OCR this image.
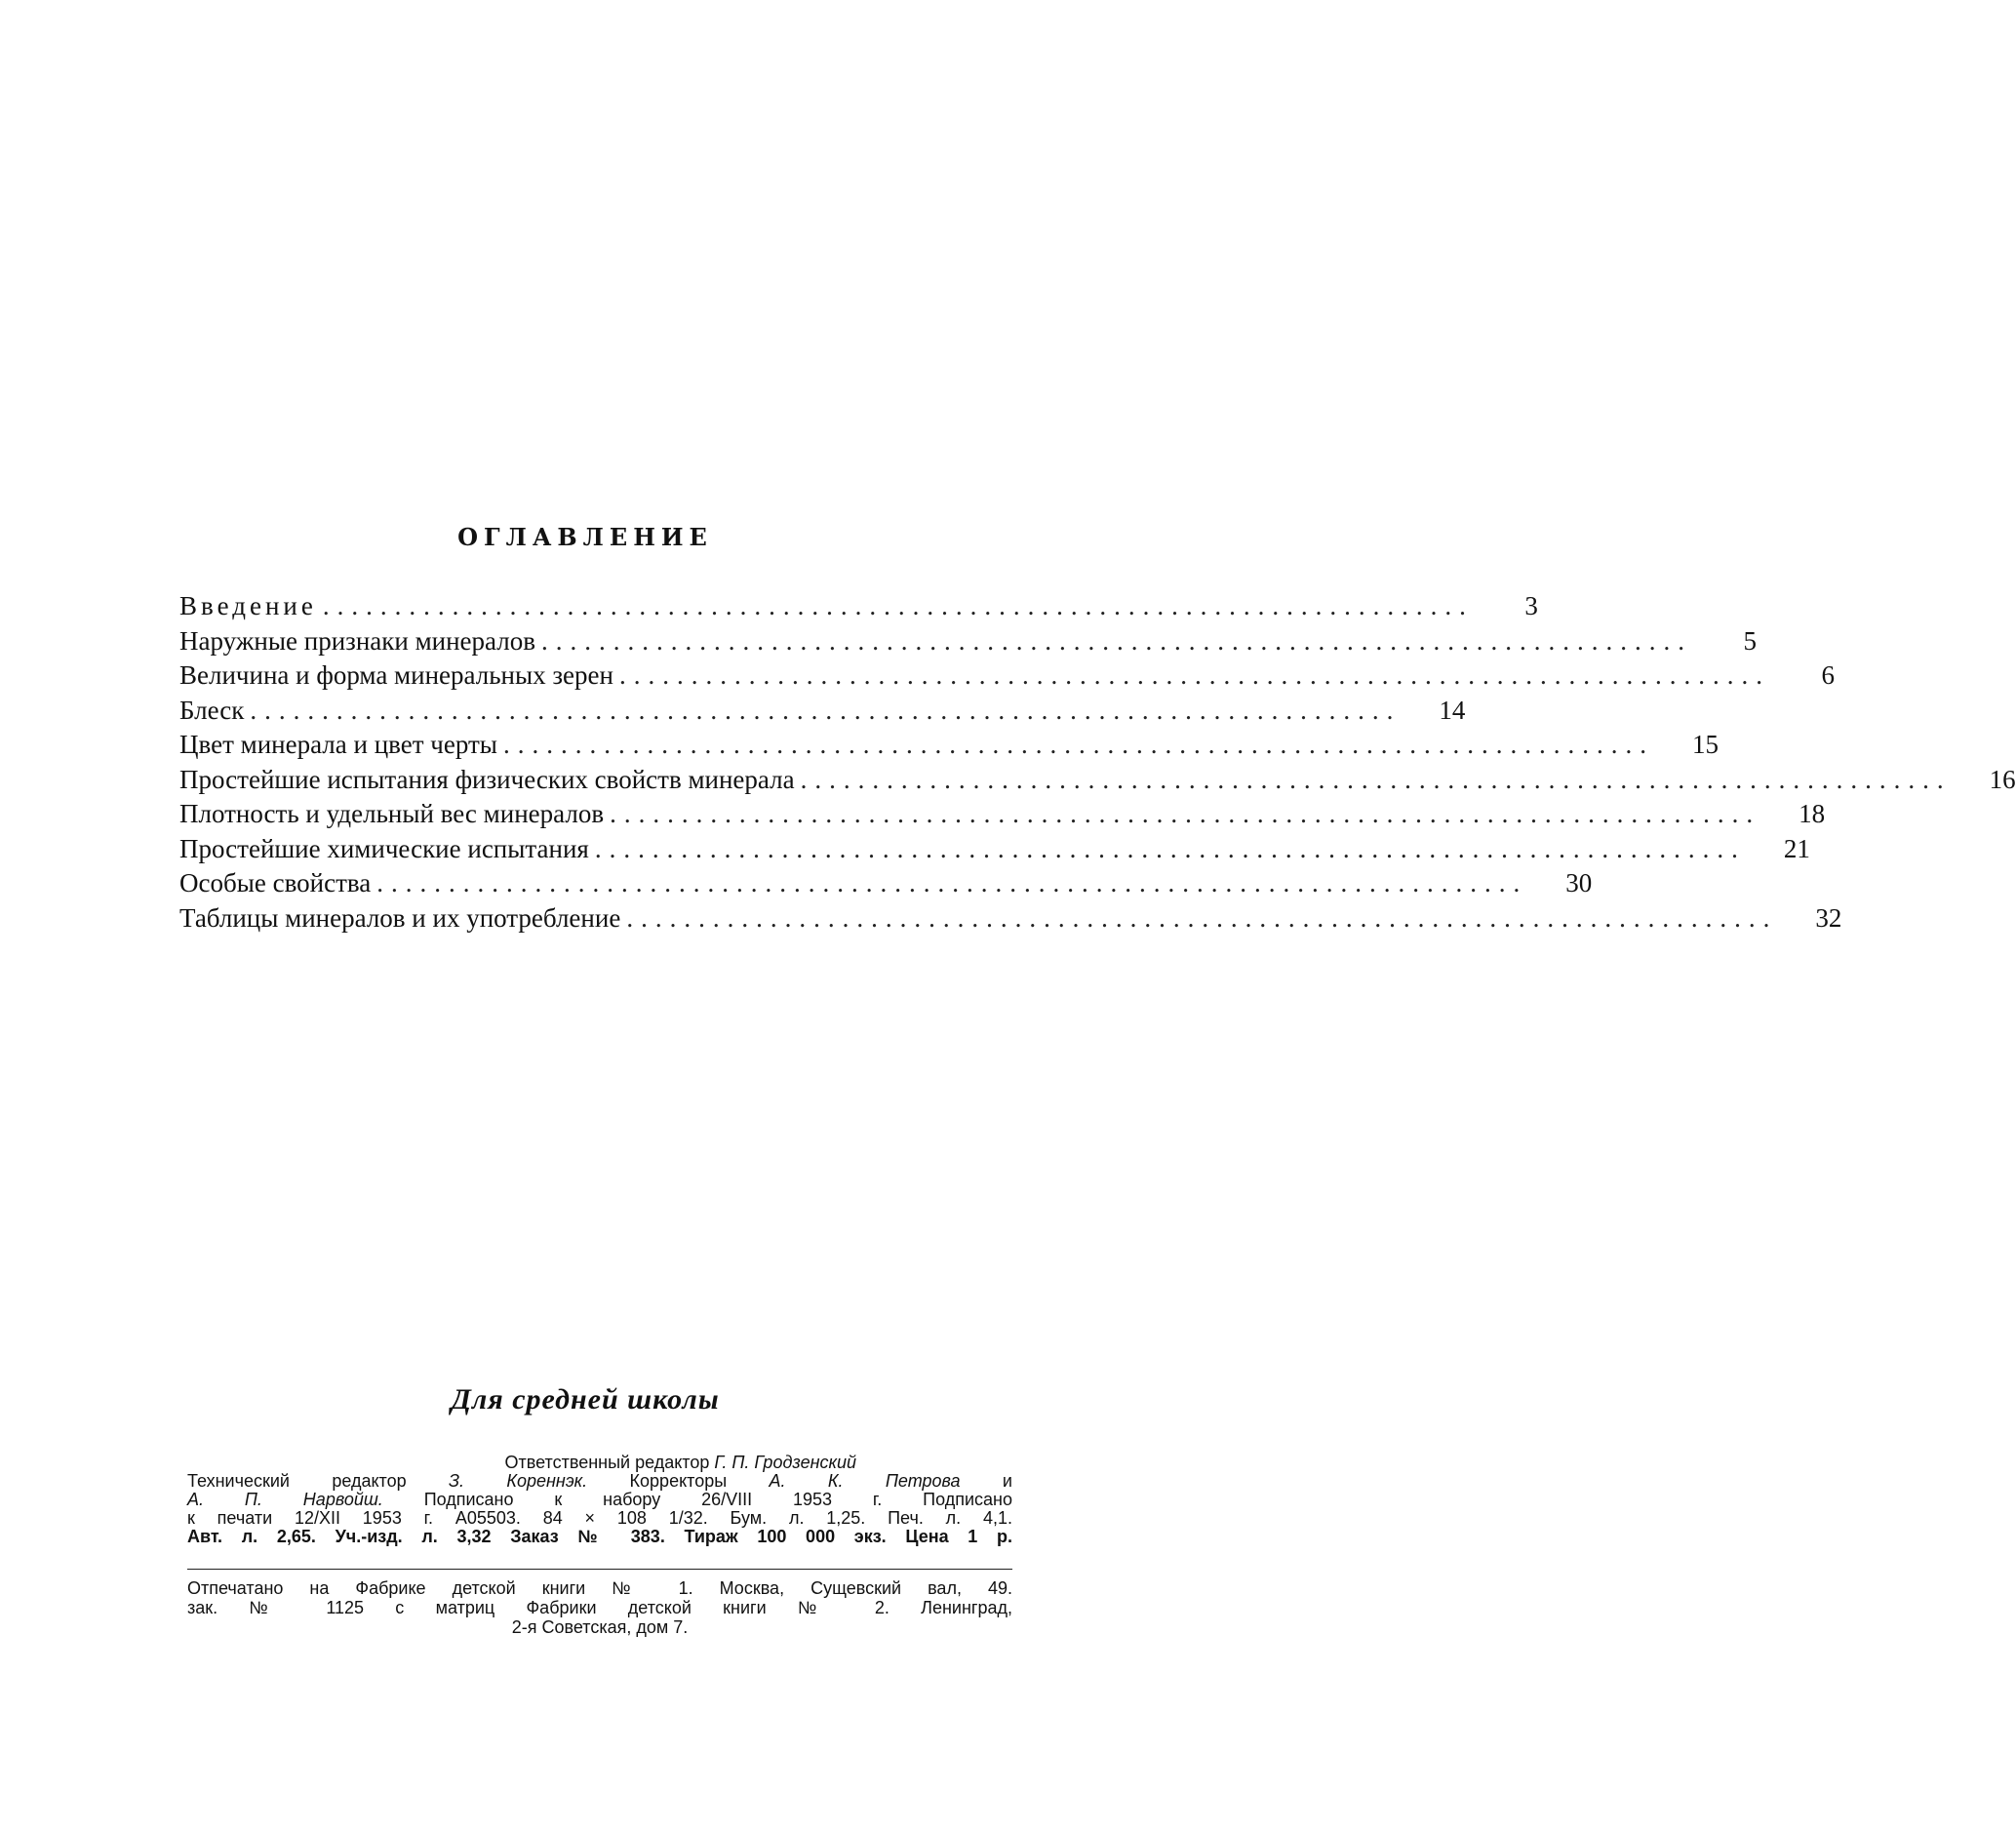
ОГЛАВЛЕНИЕ
Введение ................................................................................	3
Наружные признаки минералов ................................................................................	5
Величина и форма минеральных зерен ................................................................................	6
Блеск ................................................................................	14
Цвет минерала и цвет черты ................................................................................	15
Простейшие испытания физических свойств минерала ................................................................................	16
Плотность и удельный вес минералов ................................................................................	18
Простейшие химические испытания ................................................................................	21
Особые свойства ................................................................................	30
Таблицы минералов и их употребление ................................................................................	32
Для средней школы
Ответственный редактор Г. П. Гродзенский
Технический редактор З. Кореннэк. Корректоры А. К. Петрова и
А. П. Нарвойш. Подписано к набору 26/VIII 1953 г. Подписано
к печати 12/XII 1953 г. А05503. 84 × 108 1/32. Бум. л. 1,25. Печ. л. 4,1.
Авт. л. 2,65. Уч.-изд. л. 3,32 Заказ № 383. Тираж 100 000 экз. Цена 1 р.
Отпечатано на Фабрике детской книги № 1. Москва, Сущевский вал, 49.
зак. № 1125 с матриц Фабрики детской книги № 2. Ленинград,
2-я Советская, дом 7.
